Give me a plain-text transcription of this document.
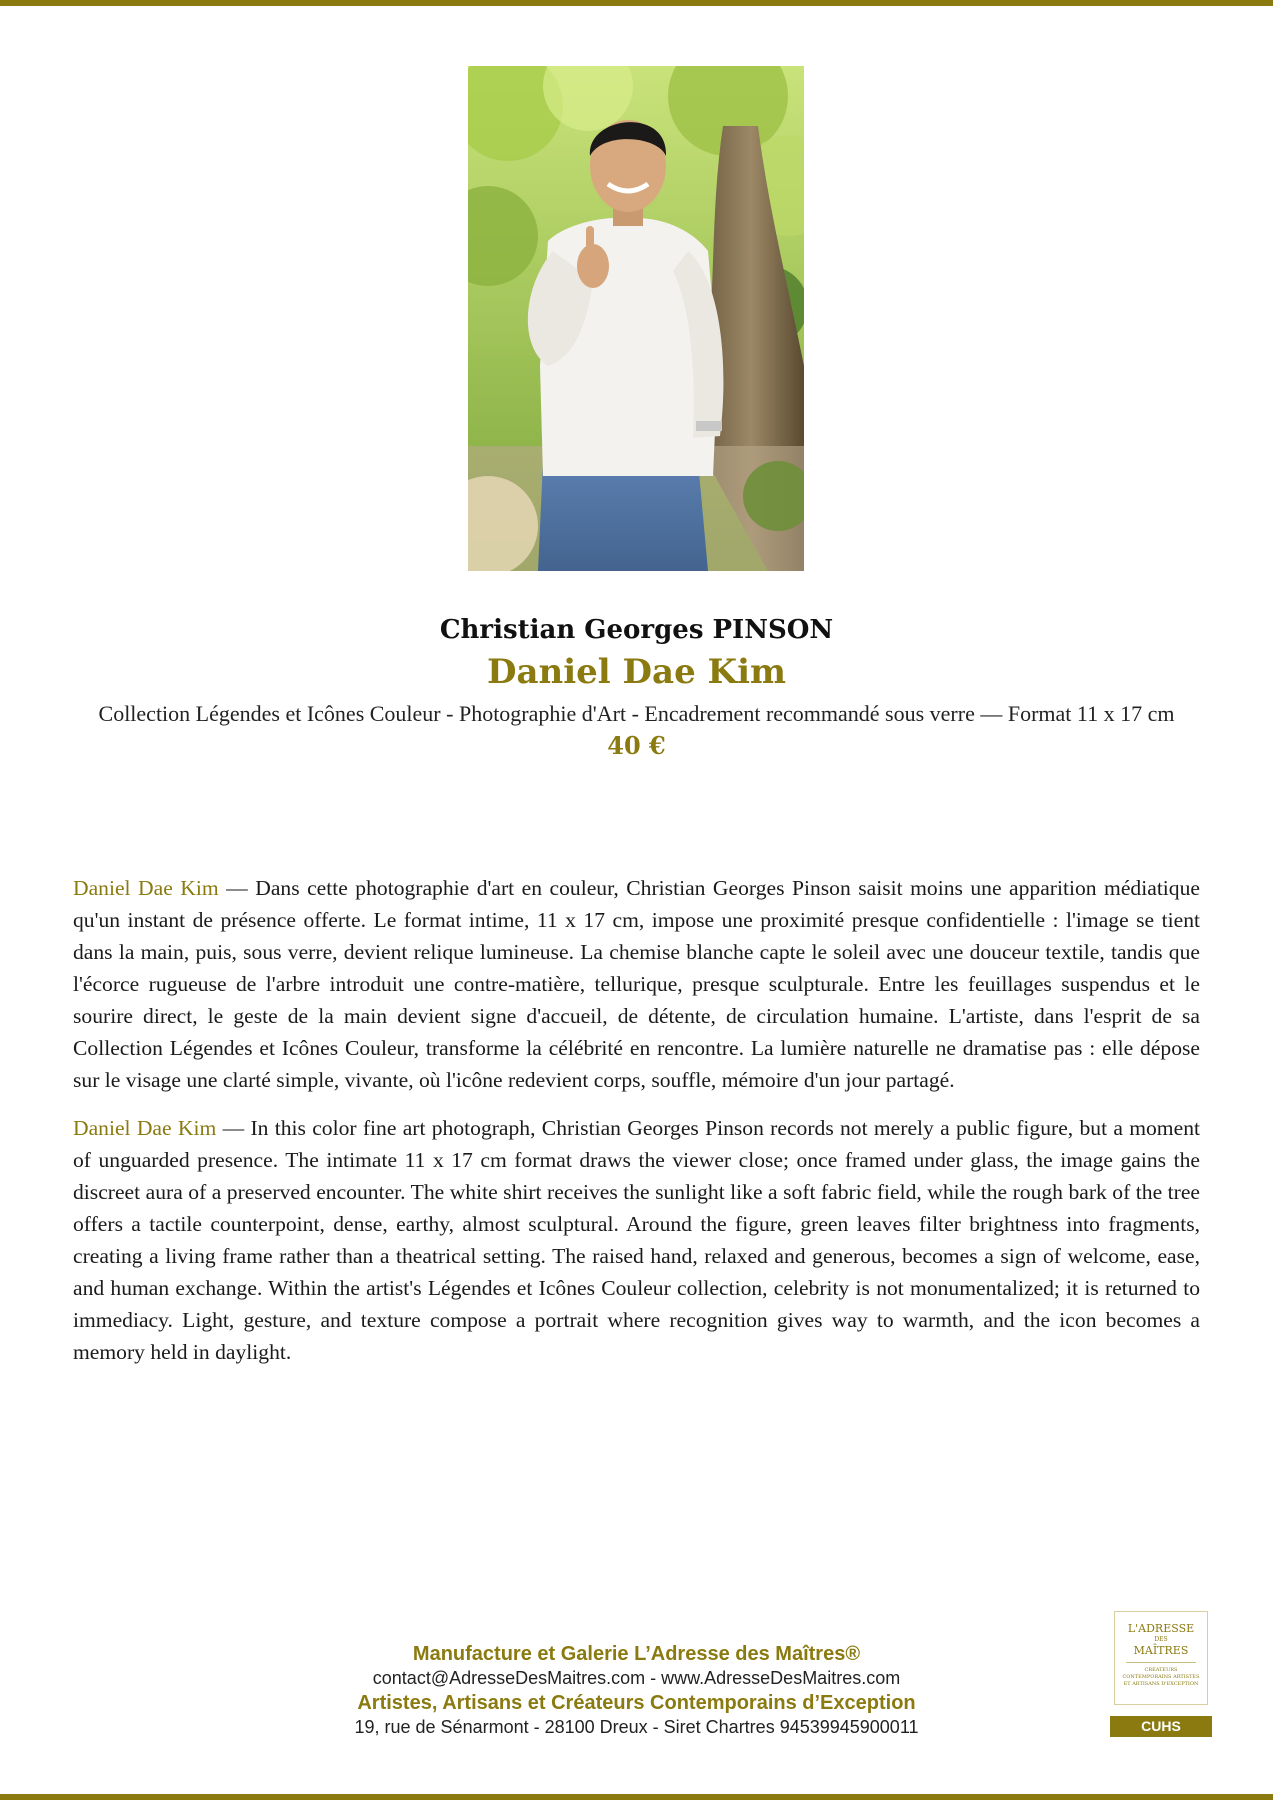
Christian Georges PINSON
Daniel Dae Kim
Collection Légendes et Icônes Couleur - Photographie d'Art - Encadrement recommandé sous verre — Format 11 x 17 cm
40 €

Daniel Dae Kim — Dans cette photographie d'art en couleur, Christian Georges Pinson saisit moins une apparition médiatique qu'un instant de présence offerte. Le format intime, 11 x 17 cm, impose une proximité presque confidentielle : l'image se tient dans la main, puis, sous verre, devient relique lumineuse. La chemise blanche capte le soleil avec une douceur textile, tandis que l'écorce rugueuse de l'arbre introduit une contre-matière, tellurique, presque sculpturale. Entre les feuillages suspendus et le sourire direct, le geste de la main devient signe d'accueil, de détente, de circulation humaine. L'artiste, dans l'esprit de sa Collection Légendes et Icônes Couleur, transforme la célébrité en rencontre. La lumière naturelle ne dramatise pas : elle dépose sur le visage une clarté simple, vivante, où l'icône redevient corps, souffle, mémoire d'un jour partagé.

Daniel Dae Kim — In this color fine art photograph, Christian Georges Pinson records not merely a public figure, but a moment of unguarded presence. The intimate 11 x 17 cm format draws the viewer close; once framed under glass, the image gains the discreet aura of a preserved encounter. The white shirt receives the sunlight like a soft fabric field, while the rough bark of the tree offers a tactile counterpoint, dense, earthy, almost sculptural. Around the figure, green leaves filter brightness into fragments, creating a living frame rather than a theatrical setting. The raised hand, relaxed and generous, becomes a sign of welcome, ease, and human exchange. Within the artist's Légendes et Icônes Couleur collection, celebrity is not monumentalized; it is returned to immediacy. Light, gesture, and texture compose a portrait where recognition gives way to warmth, and the icon becomes a memory held in daylight.

Manufacture et Galerie L’Adresse des Maîtres®
contact@AdresseDesMaitres.com - www.AdresseDesMaitres.com
Artistes, Artisans et Créateurs Contemporains d’Exception
19, rue de Sénarmont - 28100 Dreux - Siret Chartres 94539945900011
L'ADRESSE
DES
MAÎTRES
CRÉATEURS CONTEMPORAINS ARTISTES ET ARTISANS D'EXCEPTION
CUHS
